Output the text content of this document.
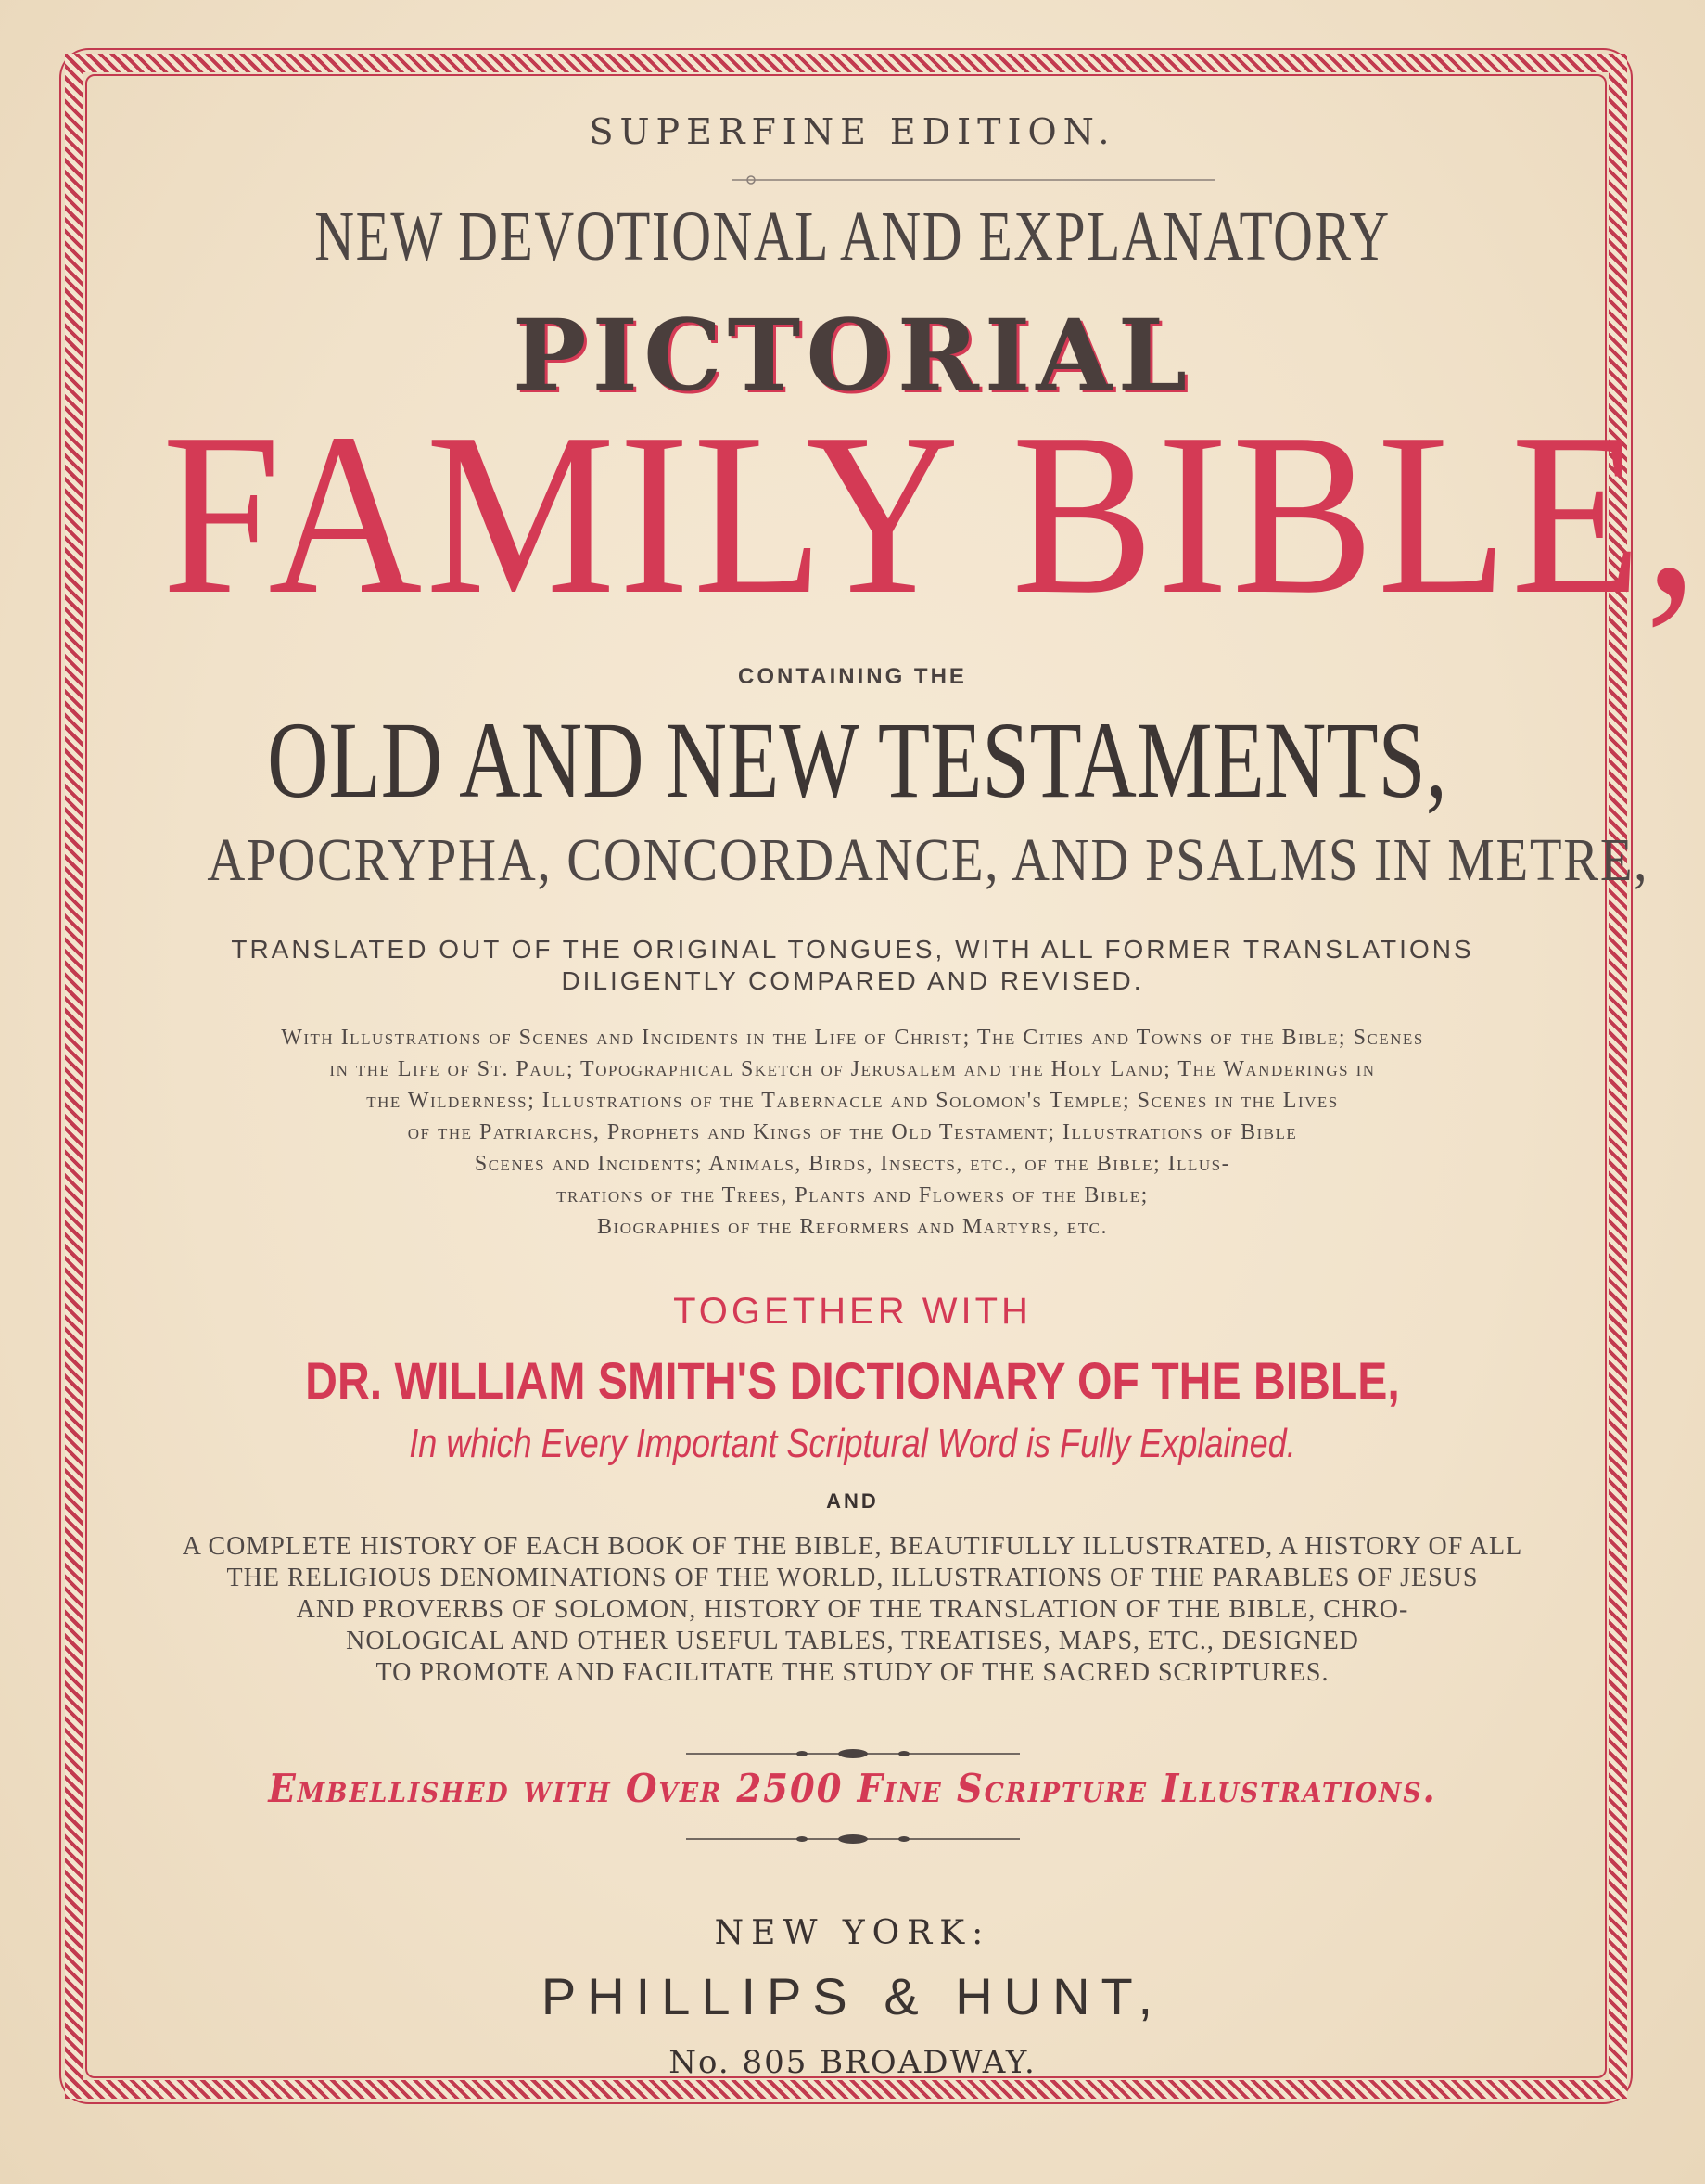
SUPERFINE EDITION.
NEW DEVOTIONAL AND EXPLANATORY
PICTORIAL
FAMILY BIBLE,
CONTAINING THE
OLD AND NEW TESTAMENTS,
APOCRYPHA, CONCORDANCE, AND PSALMS IN METRE,
TRANSLATED OUT OF THE ORIGINAL TONGUES, WITH ALL FORMER TRANSLATIONS
DILIGENTLY COMPARED AND REVISED.
With Illustrations of Scenes and Incidents in the Life of Christ; The Cities and Towns of the Bible; Scenes
in the Life of St. Paul; Topographical Sketch of Jerusalem and the Holy Land; The Wanderings in
the Wilderness; Illustrations of the Tabernacle and Solomon's Temple; Scenes in the Lives
of the Patriarchs, Prophets and Kings of the Old Testament; Illustrations of Bible
Scenes and Incidents; Animals, Birds, Insects, etc., of the Bible; Illus-
trations of the Trees, Plants and Flowers of the Bible;
Biographies of the Reformers and Martyrs, etc.
TOGETHER WITH
DR. WILLIAM SMITH'S DICTIONARY OF THE BIBLE,
In which Every Important Scriptural Word is Fully Explained.
AND
A COMPLETE HISTORY OF EACH BOOK OF THE BIBLE, BEAUTIFULLY ILLUSTRATED, A HISTORY OF ALL
THE RELIGIOUS DENOMINATIONS OF THE WORLD, ILLUSTRATIONS OF THE PARABLES OF JESUS
AND PROVERBS OF SOLOMON, HISTORY OF THE TRANSLATION OF THE BIBLE, CHRO-
NOLOGICAL AND OTHER USEFUL TABLES, TREATISES, MAPS, ETC., DESIGNED
TO PROMOTE AND FACILITATE THE STUDY OF THE SACRED SCRIPTURES.
Embellished with Over 2500 Fine Scripture Illustrations.
NEW YORK:
PHILLIPS & HUNT,
No. 805 BROADWAY.
